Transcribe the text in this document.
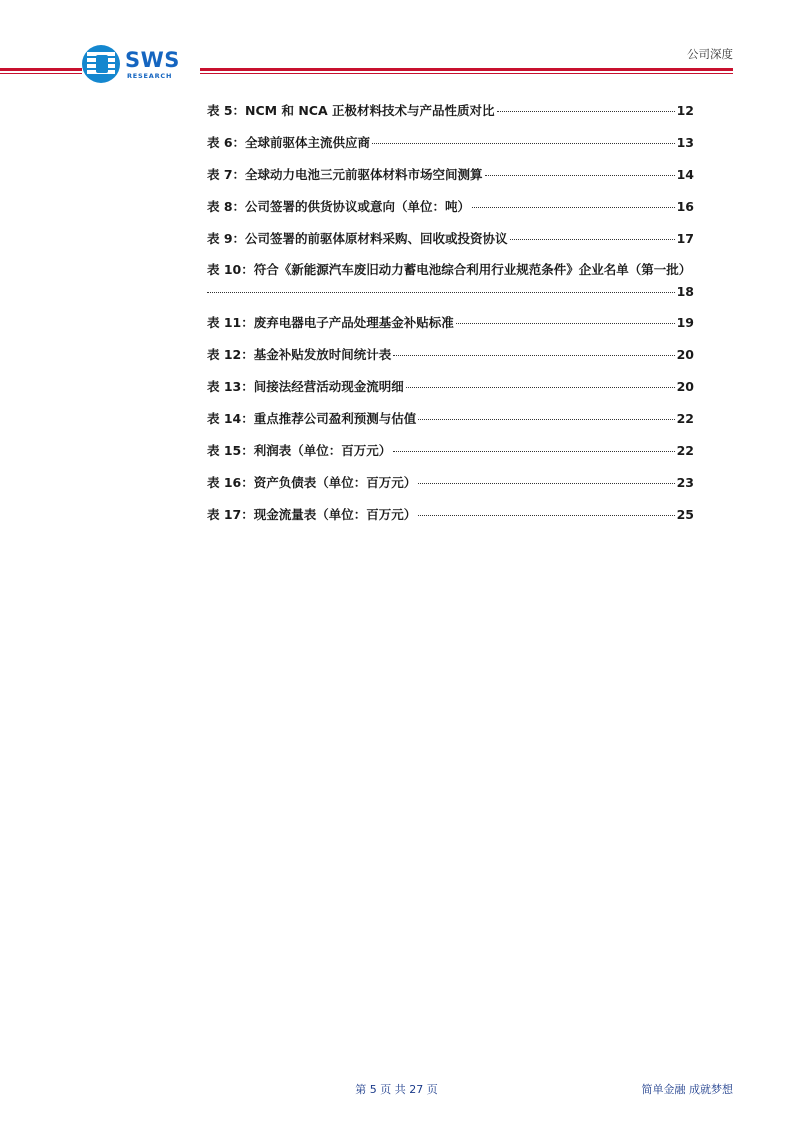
SWS
RESEARCH
公司深度
表 5：NCM 和 NCA 正极材料技术与产品性质对比	12
表 6：全球前驱体主流供应商	13
表 7：全球动力电池三元前驱体材料市场空间测算	14
表 8：公司签署的供货协议或意向（单位：吨）	16
表 9：公司签署的前驱体原材料采购、回收或投资协议	17
表 10：符合《新能源汽车废旧动力蓄电池综合利用行业规范条件》企业名单（第一批）
18
表 11：废弃电器电子产品处理基金补贴标准	19
表 12：基金补贴发放时间统计表	20
表 13：间接法经营活动现金流明细	20
表 14：重点推荐公司盈利预测与估值	22
表 15：利润表（单位：百万元）	22
表 16：资产负债表（单位：百万元）	23
表 17：现金流量表（单位：百万元）	25
第 5 页 共 27 页	简单金融 成就梦想
